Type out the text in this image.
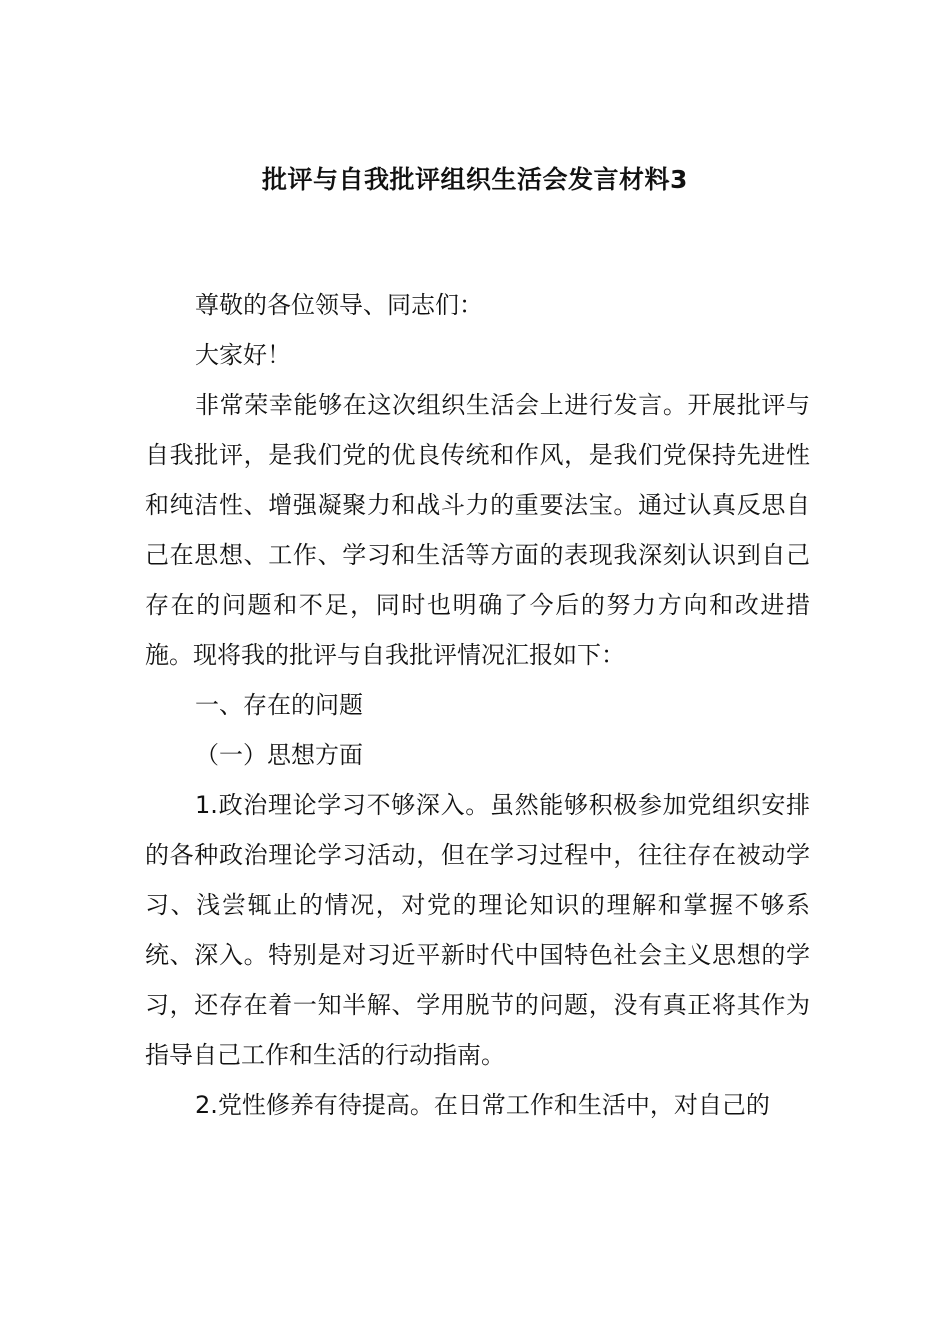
批评与自我批评组织生活会发言材料3

尊敬的各位领导、同志们：

大家好！

非常荣幸能够在这次组织生活会上进行发言。开展批评与自我批评，是我们党的优良传统和作风，是我们党保持先进性和纯洁性、增强凝聚力和战斗力的重要法宝。通过认真反思自己在思想、工作、学习和生活等方面的表现我深刻认识到自己存在的问题和不足，同时也明确了今后的努力方向和改进措施。现将我的批评与自我批评情况汇报如下：

一、存在的问题

（一）思想方面

1.政治理论学习不够深入。虽然能够积极参加党组织安排的各种政治理论学习活动，但在学习过程中，往往存在被动学习、浅尝辄止的情况，对党的理论知识的理解和掌握不够系统、深入。特别是对习近平新时代中国特色社会主义思想的学习，还存在着一知半解、学用脱节的问题，没有真正将其作为指导自己工作和生活的行动指南。

2.党性修养有待提高。在日常工作和生活中，对自己的
